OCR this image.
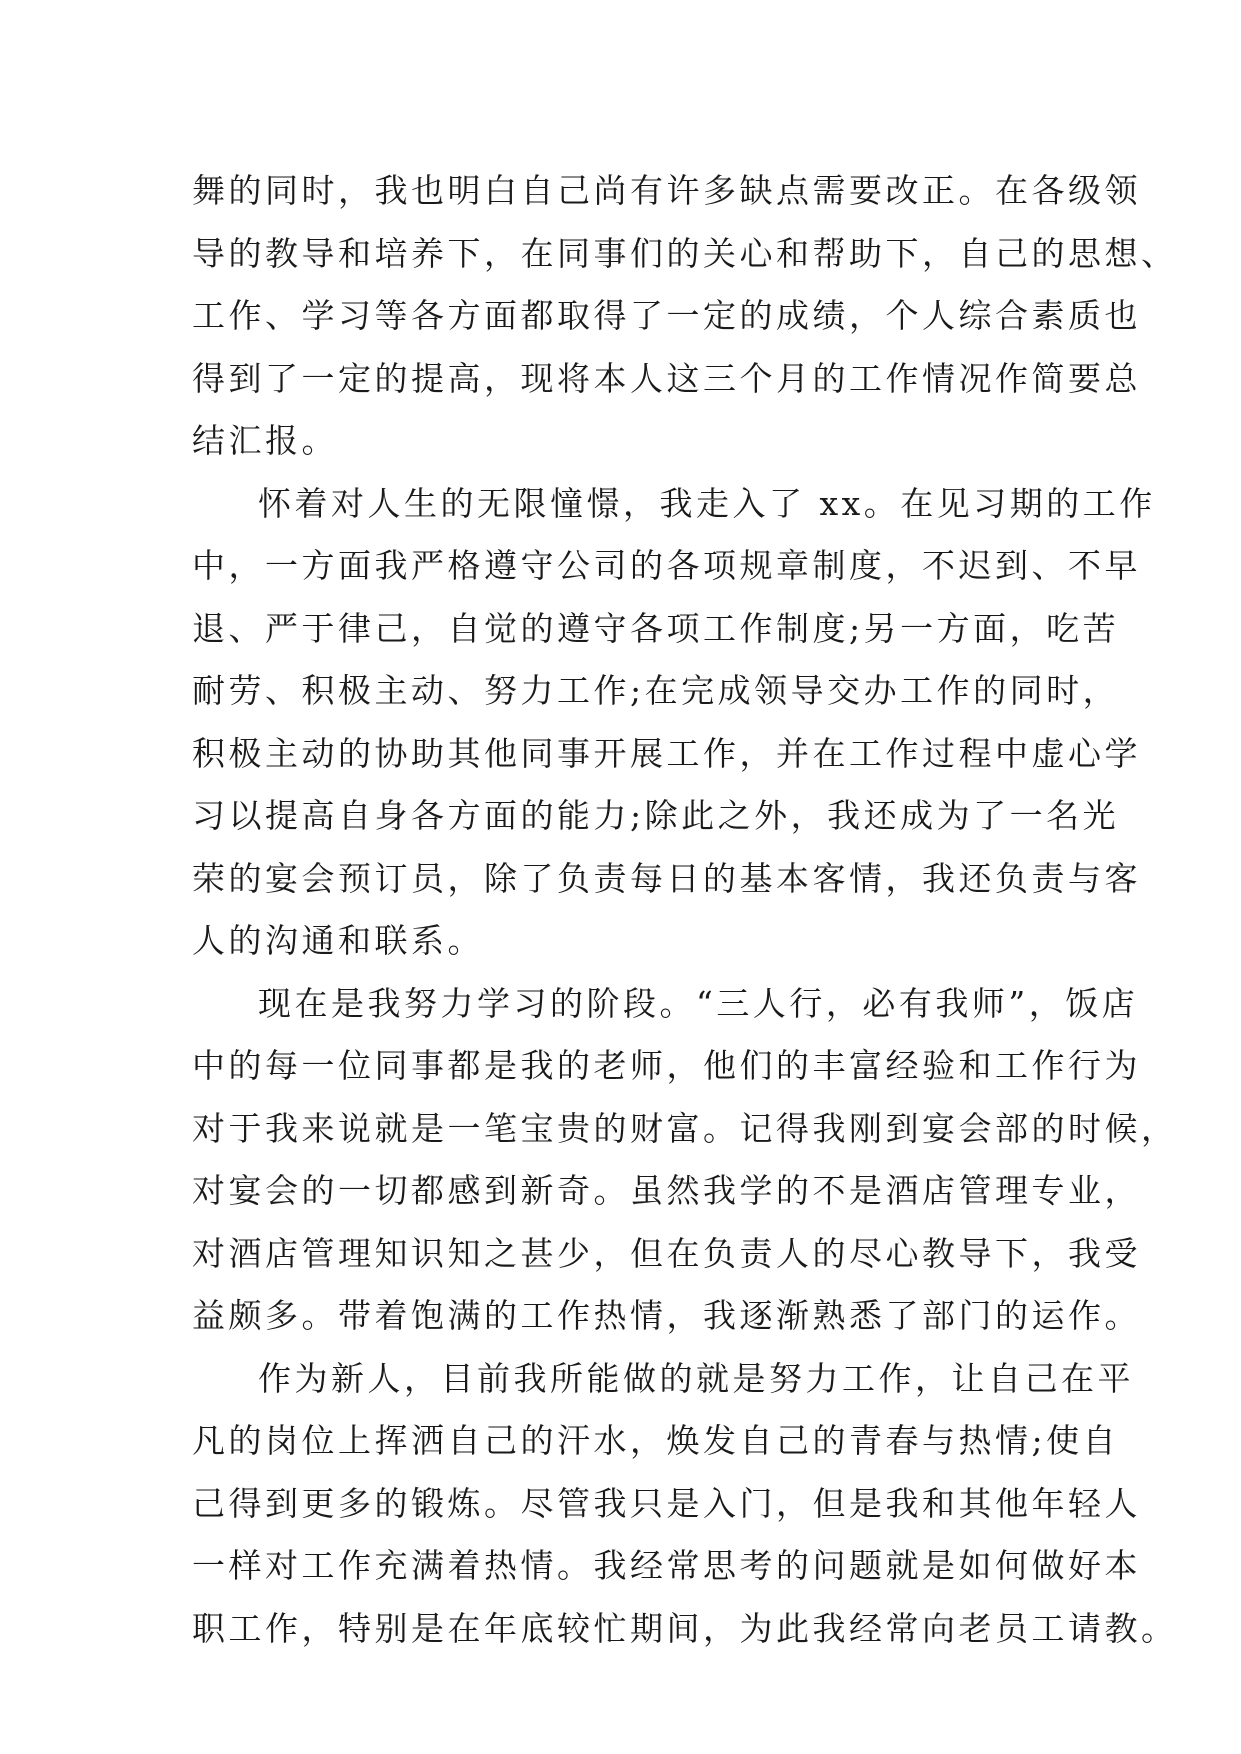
舞的同时，我也明白自己尚有许多缺点需要改正。在各级领
导的教导和培养下，在同事们的关心和帮助下，自己的思想、
工作、学习等各方面都取得了一定的成绩，个人综合素质也
得到了一定的提高，现将本人这三个月的工作情况作简要总
结汇报。
怀着对人生的无限憧憬，我走入了 xx。在见习期的工作
中，一方面我严格遵守公司的各项规章制度，不迟到、不早
退、严于律己，自觉的遵守各项工作制度;另一方面，吃苦
耐劳、积极主动、努力工作;在完成领导交办工作的同时，
积极主动的协助其他同事开展工作，并在工作过程中虚心学
习以提高自身各方面的能力;除此之外，我还成为了一名光
荣的宴会预订员，除了负责每日的基本客情，我还负责与客
人的沟通和联系。
现在是我努力学习的阶段。“三人行，必有我师”，饭店
中的每一位同事都是我的老师，他们的丰富经验和工作行为
对于我来说就是一笔宝贵的财富。记得我刚到宴会部的时候，
对宴会的一切都感到新奇。虽然我学的不是酒店管理专业，
对酒店管理知识知之甚少，但在负责人的尽心教导下，我受
益颇多。带着饱满的工作热情，我逐渐熟悉了部门的运作。
作为新人，目前我所能做的就是努力工作，让自己在平
凡的岗位上挥洒自己的汗水，焕发自己的青春与热情;使自
己得到更多的锻炼。尽管我只是入门，但是我和其他年轻人
一样对工作充满着热情。我经常思考的问题就是如何做好本
职工作，特别是在年底较忙期间，为此我经常向老员工请教。
